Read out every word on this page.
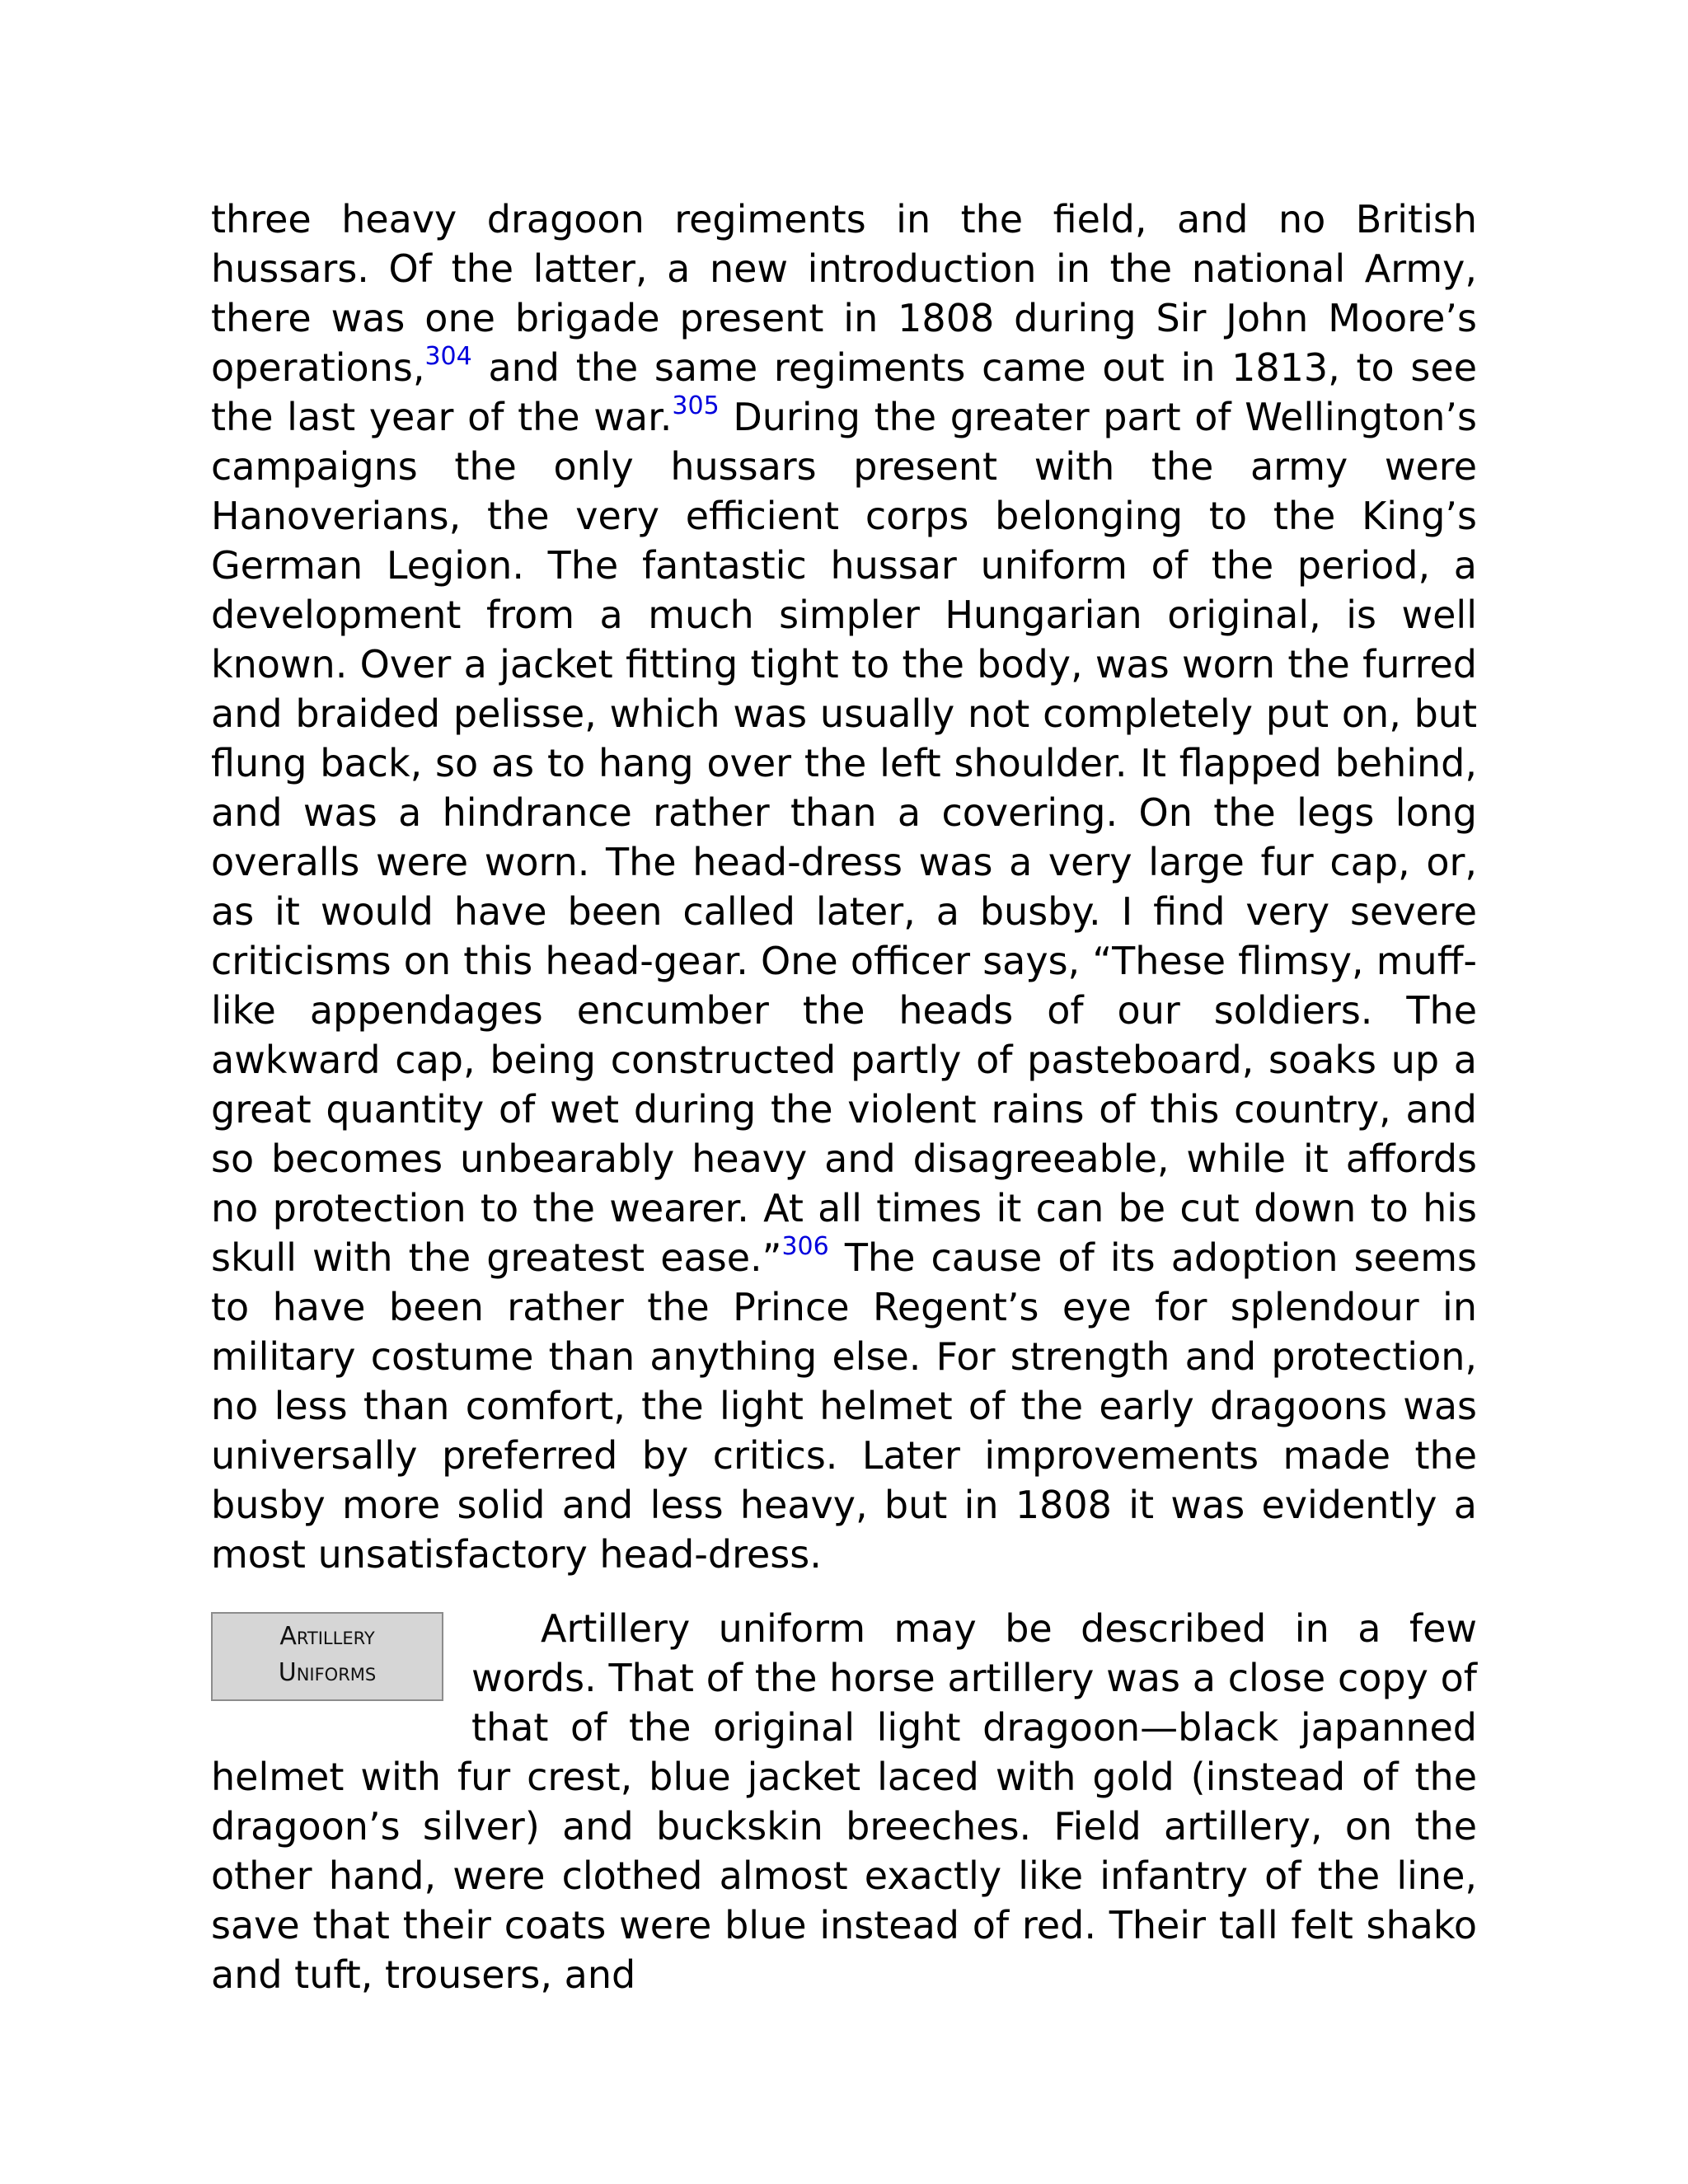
three heavy dragoon regiments in the field, and no British hussars. Of the latter, a new introduction in the national Army, there was one brigade present in 1808 during Sir John Moore’s operations,$^{304}$ and the same regiments came out in 1813, to see the last year of the war.$^{305}$ During the greater part of Wellington’s campaigns the only hussars present with the army were Hanoverians, the very efficient corps belonging to the King’s German Legion. The fantastic hussar uniform of the period, a development from a much simpler Hungarian original, is well known. Over a jacket fitting tight to the body, was worn the furred and braided pelisse, which was usually not completely put on, but flung back, so as to hang over the left shoulder. It flapped behind, and was a hindrance rather than a covering. On the legs long overalls were worn. The head-dress was a very large fur cap, or, as it would have been called later, a busby. I find very severe criticisms on this head-gear. One officer says, “These flimsy, muff-like appendages encumber the heads of our soldiers. The awkward cap, being constructed partly of pasteboard, soaks up a great quantity of wet during the violent rains of this country, and so becomes unbearably heavy and disagreeable, while it affords no protection to the wearer. At all times it can be cut down to his skull with the greatest ease.”$^{306}$ The cause of its adoption seems to have been rather the Prince Regent’s eye for splendour in military costume than anything else. For strength and protection, no less than comfort, the light helmet of the early dragoons was universally preferred by critics. Later improvements made the busby more solid and less heavy, but in 1808 it was evidently a most unsatisfactory head-dress.

Artillery
Uniforms

Artillery uniform may be described in a few words. That of the horse artillery was a close copy of that of the original light dragoon—black japanned helmet with fur crest, blue jacket laced with gold (instead of the dragoon’s silver) and buckskin breeches. Field artillery, on the other hand, were clothed almost exactly like infantry of the line, save that their coats were blue instead of red. Their tall felt shako and tuft, trousers, and
